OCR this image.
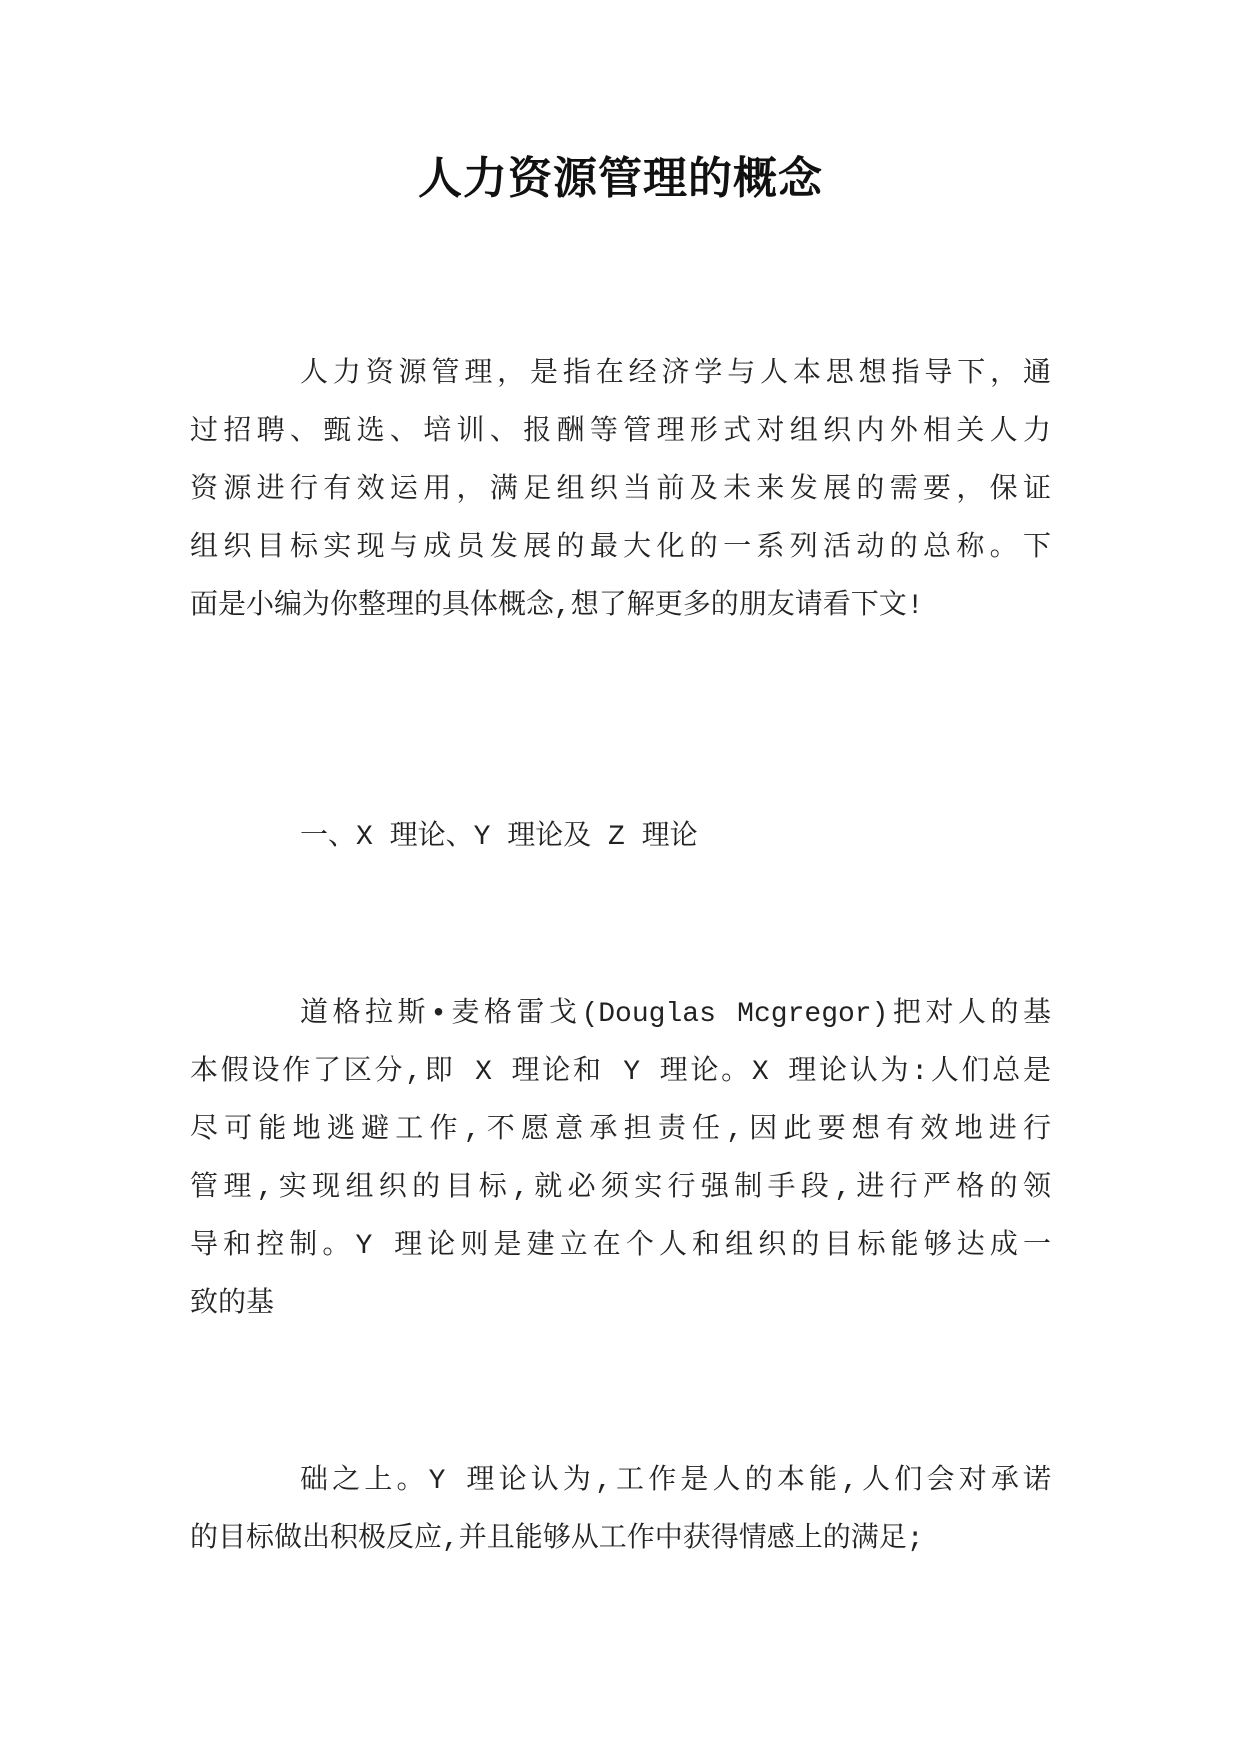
人力资源管理的概念
人力资源管理，是指在经济学与人本思想指导下，通
过招聘、甄选、培训、报酬等管理形式对组织内外相关人力
资源进行有效运用，满足组织当前及未来发展的需要，保证
组织目标实现与成员发展的最大化的一系列活动的总称。下
面是小编为你整理的具体概念,想了解更多的朋友请看下文!
一、X 理论、Y 理论及 Z 理论
道格拉斯•麦格雷戈(Douglas Mcgregor)把对人的基
本假设作了区分,即 X 理论和 Y 理论。X 理论认为:人们总是
尽可能地逃避工作,不愿意承担责任,因此要想有效地进行
管理,实现组织的目标,就必须实行强制手段,进行严格的领
导和控制。Y 理论则是建立在个人和组织的目标能够达成一
致的基
础之上。Y 理论认为,工作是人的本能,人们会对承诺
的目标做出积极反应,并且能够从工作中获得情感上的满足;
